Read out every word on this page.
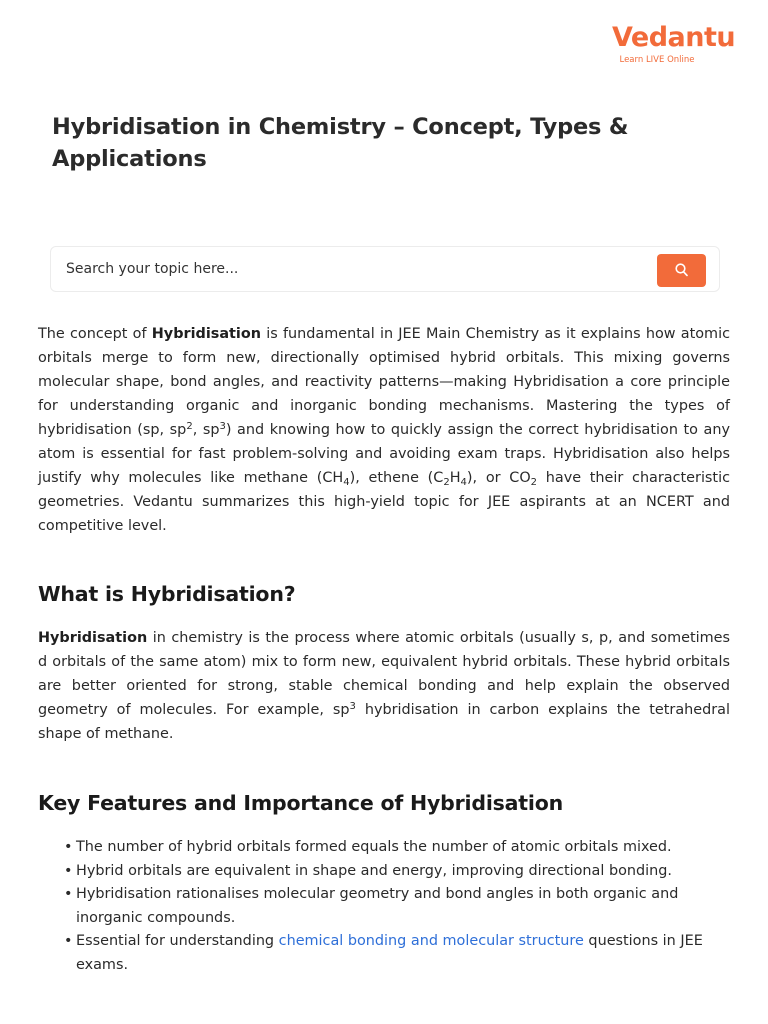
Vedantu
Learn LIVE Online
Hybridisation in Chemistry – Concept, Types & Applications
Search your topic here...

The concept of Hybridisation is fundamental in JEE Main Chemistry as it explains how atomic orbitals merge to form new, directionally optimised hybrid orbitals. This mixing governs molecular shape, bond angles, and reactivity patterns—making Hybridisation a core principle for understanding organic and inorganic bonding mechanisms. Mastering the types of hybridisation (sp, $sp^2$, $sp^3$) and knowing how to quickly assign the correct hybridisation to any atom is essential for fast problem-solving and avoiding exam traps. Hybridisation also helps justify why molecules like methane $(CH_4)$, ethene $(C_2H_4)$, or $CO_2$ have their characteristic geometries. Vedantu summarizes this high-yield topic for JEE aspirants at an NCERT and competitive level.

What is Hybridisation?

Hybridisation in chemistry is the process where atomic orbitals (usually s, p, and sometimes d orbitals of the same atom) mix to form new, equivalent hybrid orbitals. These hybrid orbitals are better oriented for strong, stable chemical bonding and help explain the observed geometry of molecules. For example, $sp^3$ hybridisation in carbon explains the tetrahedral shape of methane.

Key Features and Importance of Hybridisation
• The number of hybrid orbitals formed equals the number of atomic orbitals mixed.
• Hybrid orbitals are equivalent in shape and energy, improving directional bonding.
• Hybridisation rationalises molecular geometry and bond angles in both organic and inorganic compounds.
• Essential for understanding chemical bonding and molecular structure questions in JEE exams.
